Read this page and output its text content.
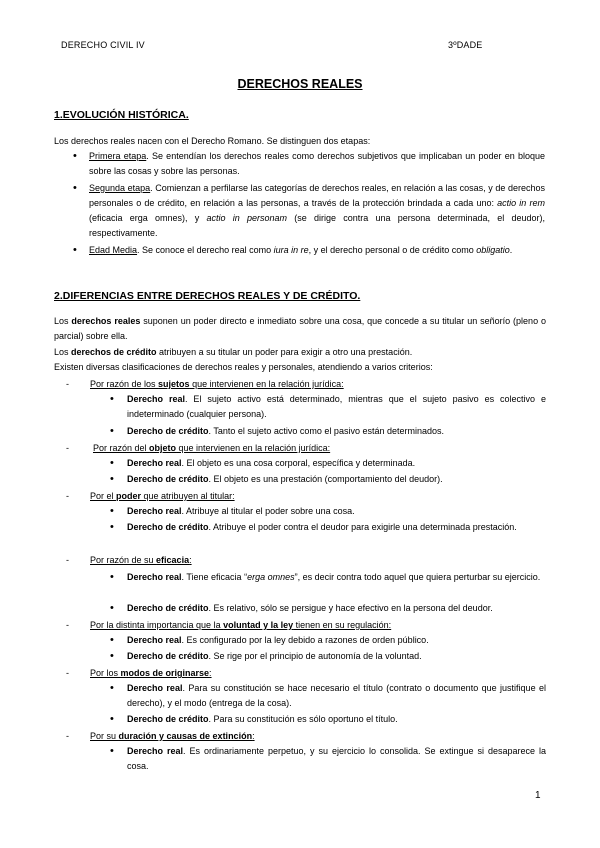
DERECHO CIVIL IV	3ºDADE
DERECHOS REALES
1.EVOLUCIÓN HISTÓRICA.
Los derechos reales nacen con el Derecho Romano. Se distinguen dos etapas:
• Primera etapa. Se entendían los derechos reales como derechos subjetivos que implicaban un poder en bloque sobre las cosas y sobre las personas.
• Segunda etapa. Comienzan a perfilarse las categorías de derechos reales, en relación a las cosas, y de derechos personales o de crédito, en relación a las personas, a través de la protección brindada a cada uno: actio in rem (eficacia erga omnes), y actio in personam (se dirige contra una persona determinada, el deudor), respectivamente.
• Edad Media. Se conoce el derecho real como iura in re, y el derecho personal o de crédito como obligatio.
2.DIFERENCIAS ENTRE DERECHOS REALES Y DE CRÉDITO.
Los derechos reales suponen un poder directo e inmediato sobre una cosa, que concede a su titular un señorío (pleno o parcial) sobre ella.
Los derechos de crédito atribuyen a su titular un poder para exigir a otro una prestación.
Existen diversas clasificaciones de derechos reales y personales, atendiendo a varios criterios:
- Por razón de los sujetos que intervienen en la relación jurídica:
• Derecho real. El sujeto activo está determinado, mientras que el sujeto pasivo es colectivo e indeterminado (cualquier persona).
• Derecho de crédito. Tanto el sujeto activo como el pasivo están determinados.
-	Por razón del objeto que intervienen en la relación jurídica:
• Derecho real. El objeto es una cosa corporal, específica y determinada.
• Derecho de crédito. El objeto es una prestación (comportamiento del deudor).
- Por el poder que atribuyen al titular:
• Derecho real. Atribuye al titular el poder sobre una cosa.
• Derecho de crédito. Atribuye el poder contra el deudor para exigirle una determinada prestación.
- Por razón de su eficacia:
• Derecho real. Tiene eficacia “erga omnes”, es decir contra todo aquel que quiera perturbar su ejercicio.
• Derecho de crédito. Es relativo, sólo se persigue y hace efectivo en la persona del deudor.
- Por la distinta importancia que la voluntad y la ley tienen en su regulación:
• Derecho real. Es configurado por la ley debido a razones de orden público.
• Derecho de crédito. Se rige por el principio de autonomía de la voluntad.
- Por los modos de originarse:
• Derecho real. Para su constitución se hace necesario el título (contrato o documento que justifique el derecho), y el modo (entrega de la cosa).
• Derecho de crédito. Para su constitución es sólo oportuno el título.
- Por su duración y causas de extinción:
• Derecho real. Es ordinariamente perpetuo, y su ejercicio lo consolida. Se extingue si desaparece la cosa.
1
